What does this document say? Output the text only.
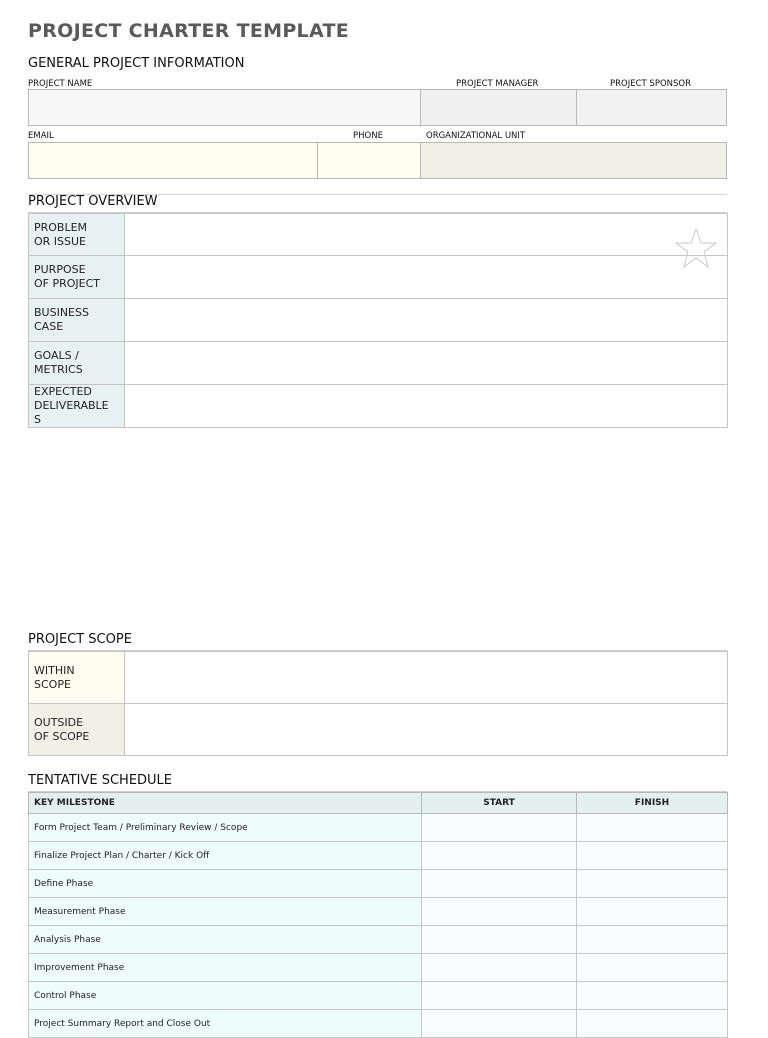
PROJECT CHARTER TEMPLATE
GENERAL PROJECT INFORMATION
PROJECT NAME	PROJECT MANAGER	PROJECT SPONSOR
EMAIL	PHONE	ORGANIZATIONAL UNIT
PROJECT OVERVIEW
PROBLEM
OR ISSUE	
PURPOSE
OF PROJECT	
BUSINESS
CASE	
GOALS /
METRICS	
EXPECTED
DELIVERABLE
S	
PROJECT SCOPE
WITHIN
SCOPE	
OUTSIDE
OF SCOPE	
TENTATIVE SCHEDULE
KEY MILESTONE	START	FINISH
Form Project Team / Preliminary Review / Scope		
Finalize Project Plan / Charter / Kick Off		
Define Phase		
Measurement Phase		
Analysis Phase		
Improvement Phase		
Control Phase		
Project Summary Report and Close Out		
